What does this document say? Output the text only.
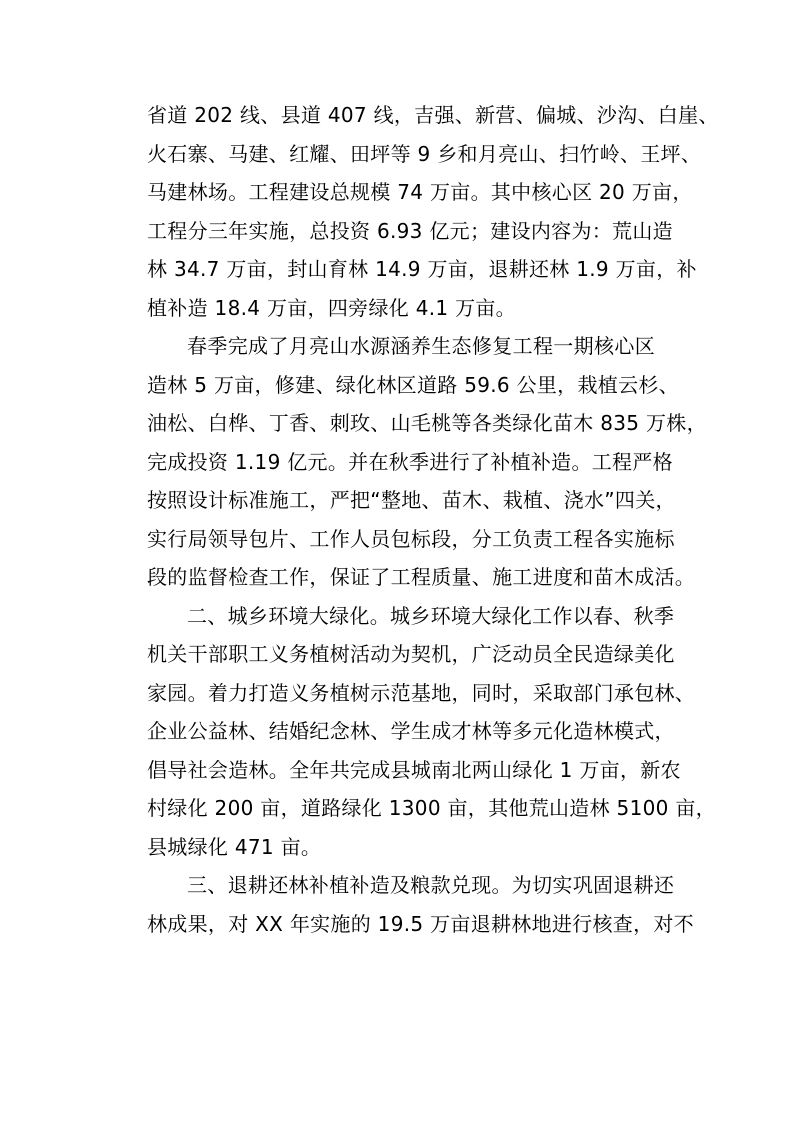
省道 202 线、县道 407 线，吉强、新营、偏城、沙沟、白崖、
火石寨、马建、红耀、田坪等 9 乡和月亮山、扫竹岭、王坪、
马建林场。工程建设总规模 74 万亩。其中核心区 20 万亩，
工程分三年实施，总投资 6.93 亿元；建设内容为：荒山造
林 34.7 万亩，封山育林 14.9 万亩，退耕还林 1.9 万亩，补
植补造 18.4 万亩，四旁绿化 4.1 万亩。
春季完成了月亮山水源涵养生态修复工程一期核心区
造林 5 万亩，修建、绿化林区道路 59.6 公里，栽植云杉、
油松、白桦、丁香、刺玫、山毛桃等各类绿化苗木 835 万株，
完成投资 1.19 亿元。并在秋季进行了补植补造。工程严格
按照设计标准施工，严把“整地、苗木、栽植、浇水”四关，
实行局领导包片、工作人员包标段，分工负责工程各实施标
段的监督检查工作，保证了工程质量、施工进度和苗木成活。
二、城乡环境大绿化。城乡环境大绿化工作以春、秋季
机关干部职工义务植树活动为契机，广泛动员全民造绿美化
家园。着力打造义务植树示范基地，同时，采取部门承包林、
企业公益林、结婚纪念林、学生成才林等多元化造林模式，
倡导社会造林。全年共完成县城南北两山绿化 1 万亩，新农
村绿化 200 亩，道路绿化 1300 亩，其他荒山造林 5100 亩，
县城绿化 471 亩。
三、退耕还林补植补造及粮款兑现。为切实巩固退耕还
林成果，对 XX 年实施的 19.5 万亩退耕林地进行核查，对不
